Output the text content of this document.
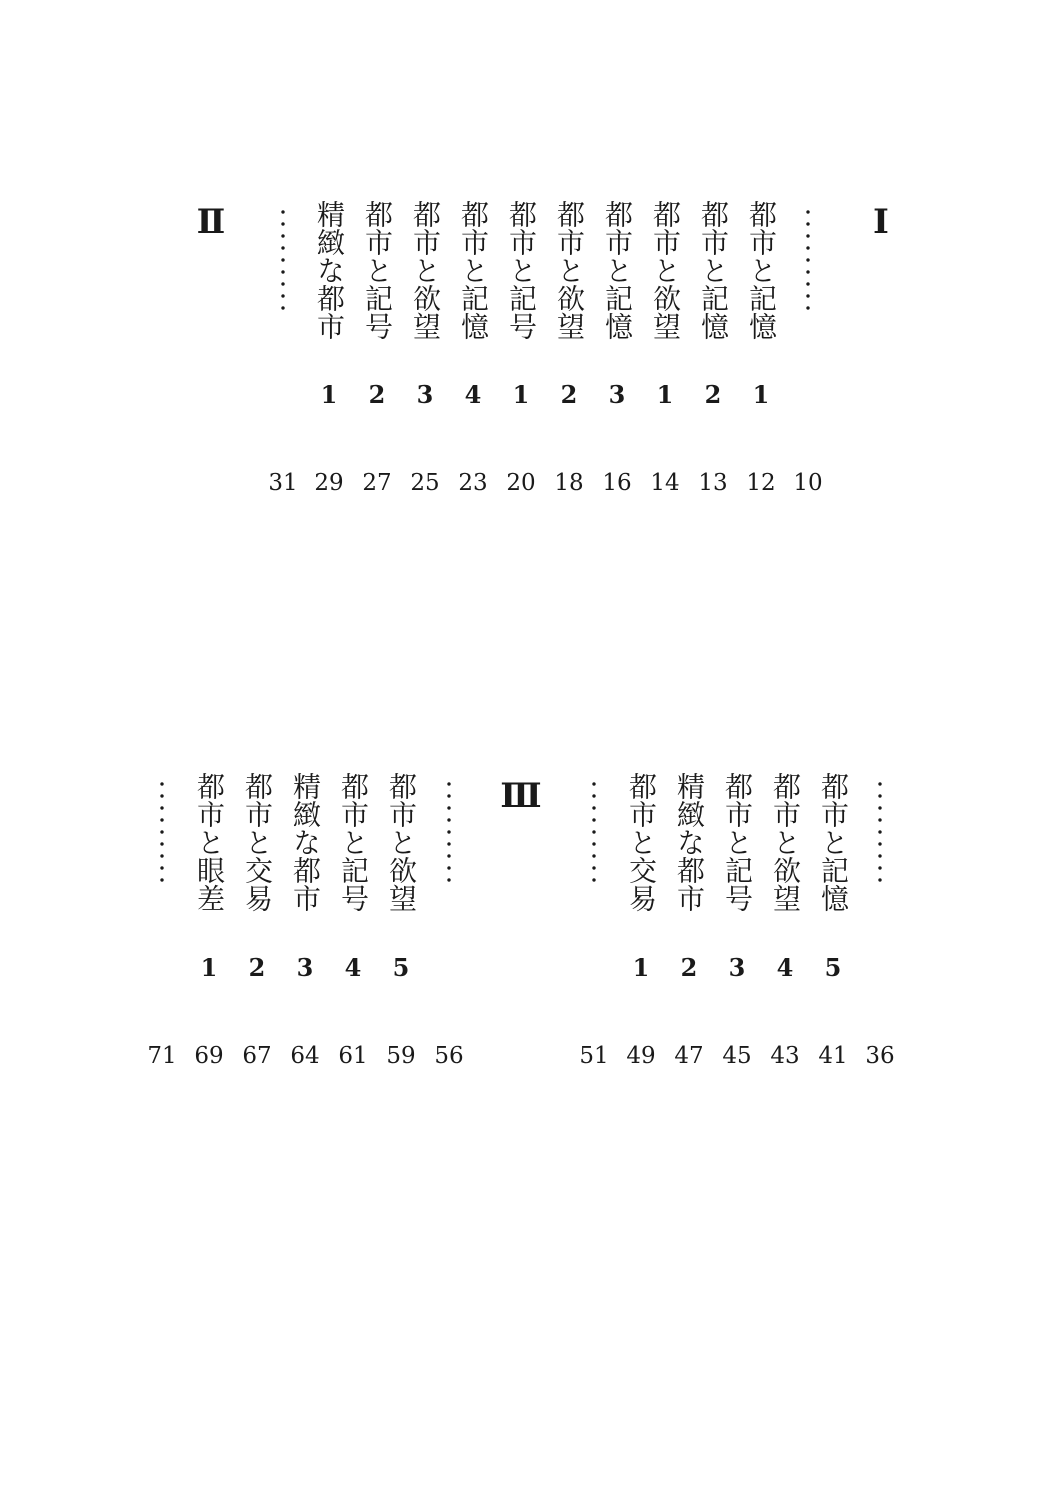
Ⅰ
Ⅱ
Ⅲ
10
都市と記憶
1
12
都市と記憶
2
13
都市と欲望
1
14
都市と記憶
3
16
都市と欲望
2
18
都市と記号
1
20
都市と記憶
4
23
都市と欲望
3
25
都市と記号
2
27
精緻な都市
1
29
31
36
都市と記憶
5
41
都市と欲望
4
43
都市と記号
3
45
精緻な都市
2
47
都市と交易
1
49
51
56
都市と欲望
5
59
都市と記号
4
61
精緻な都市
3
64
都市と交易
2
67
都市と眼差
1
69
71
